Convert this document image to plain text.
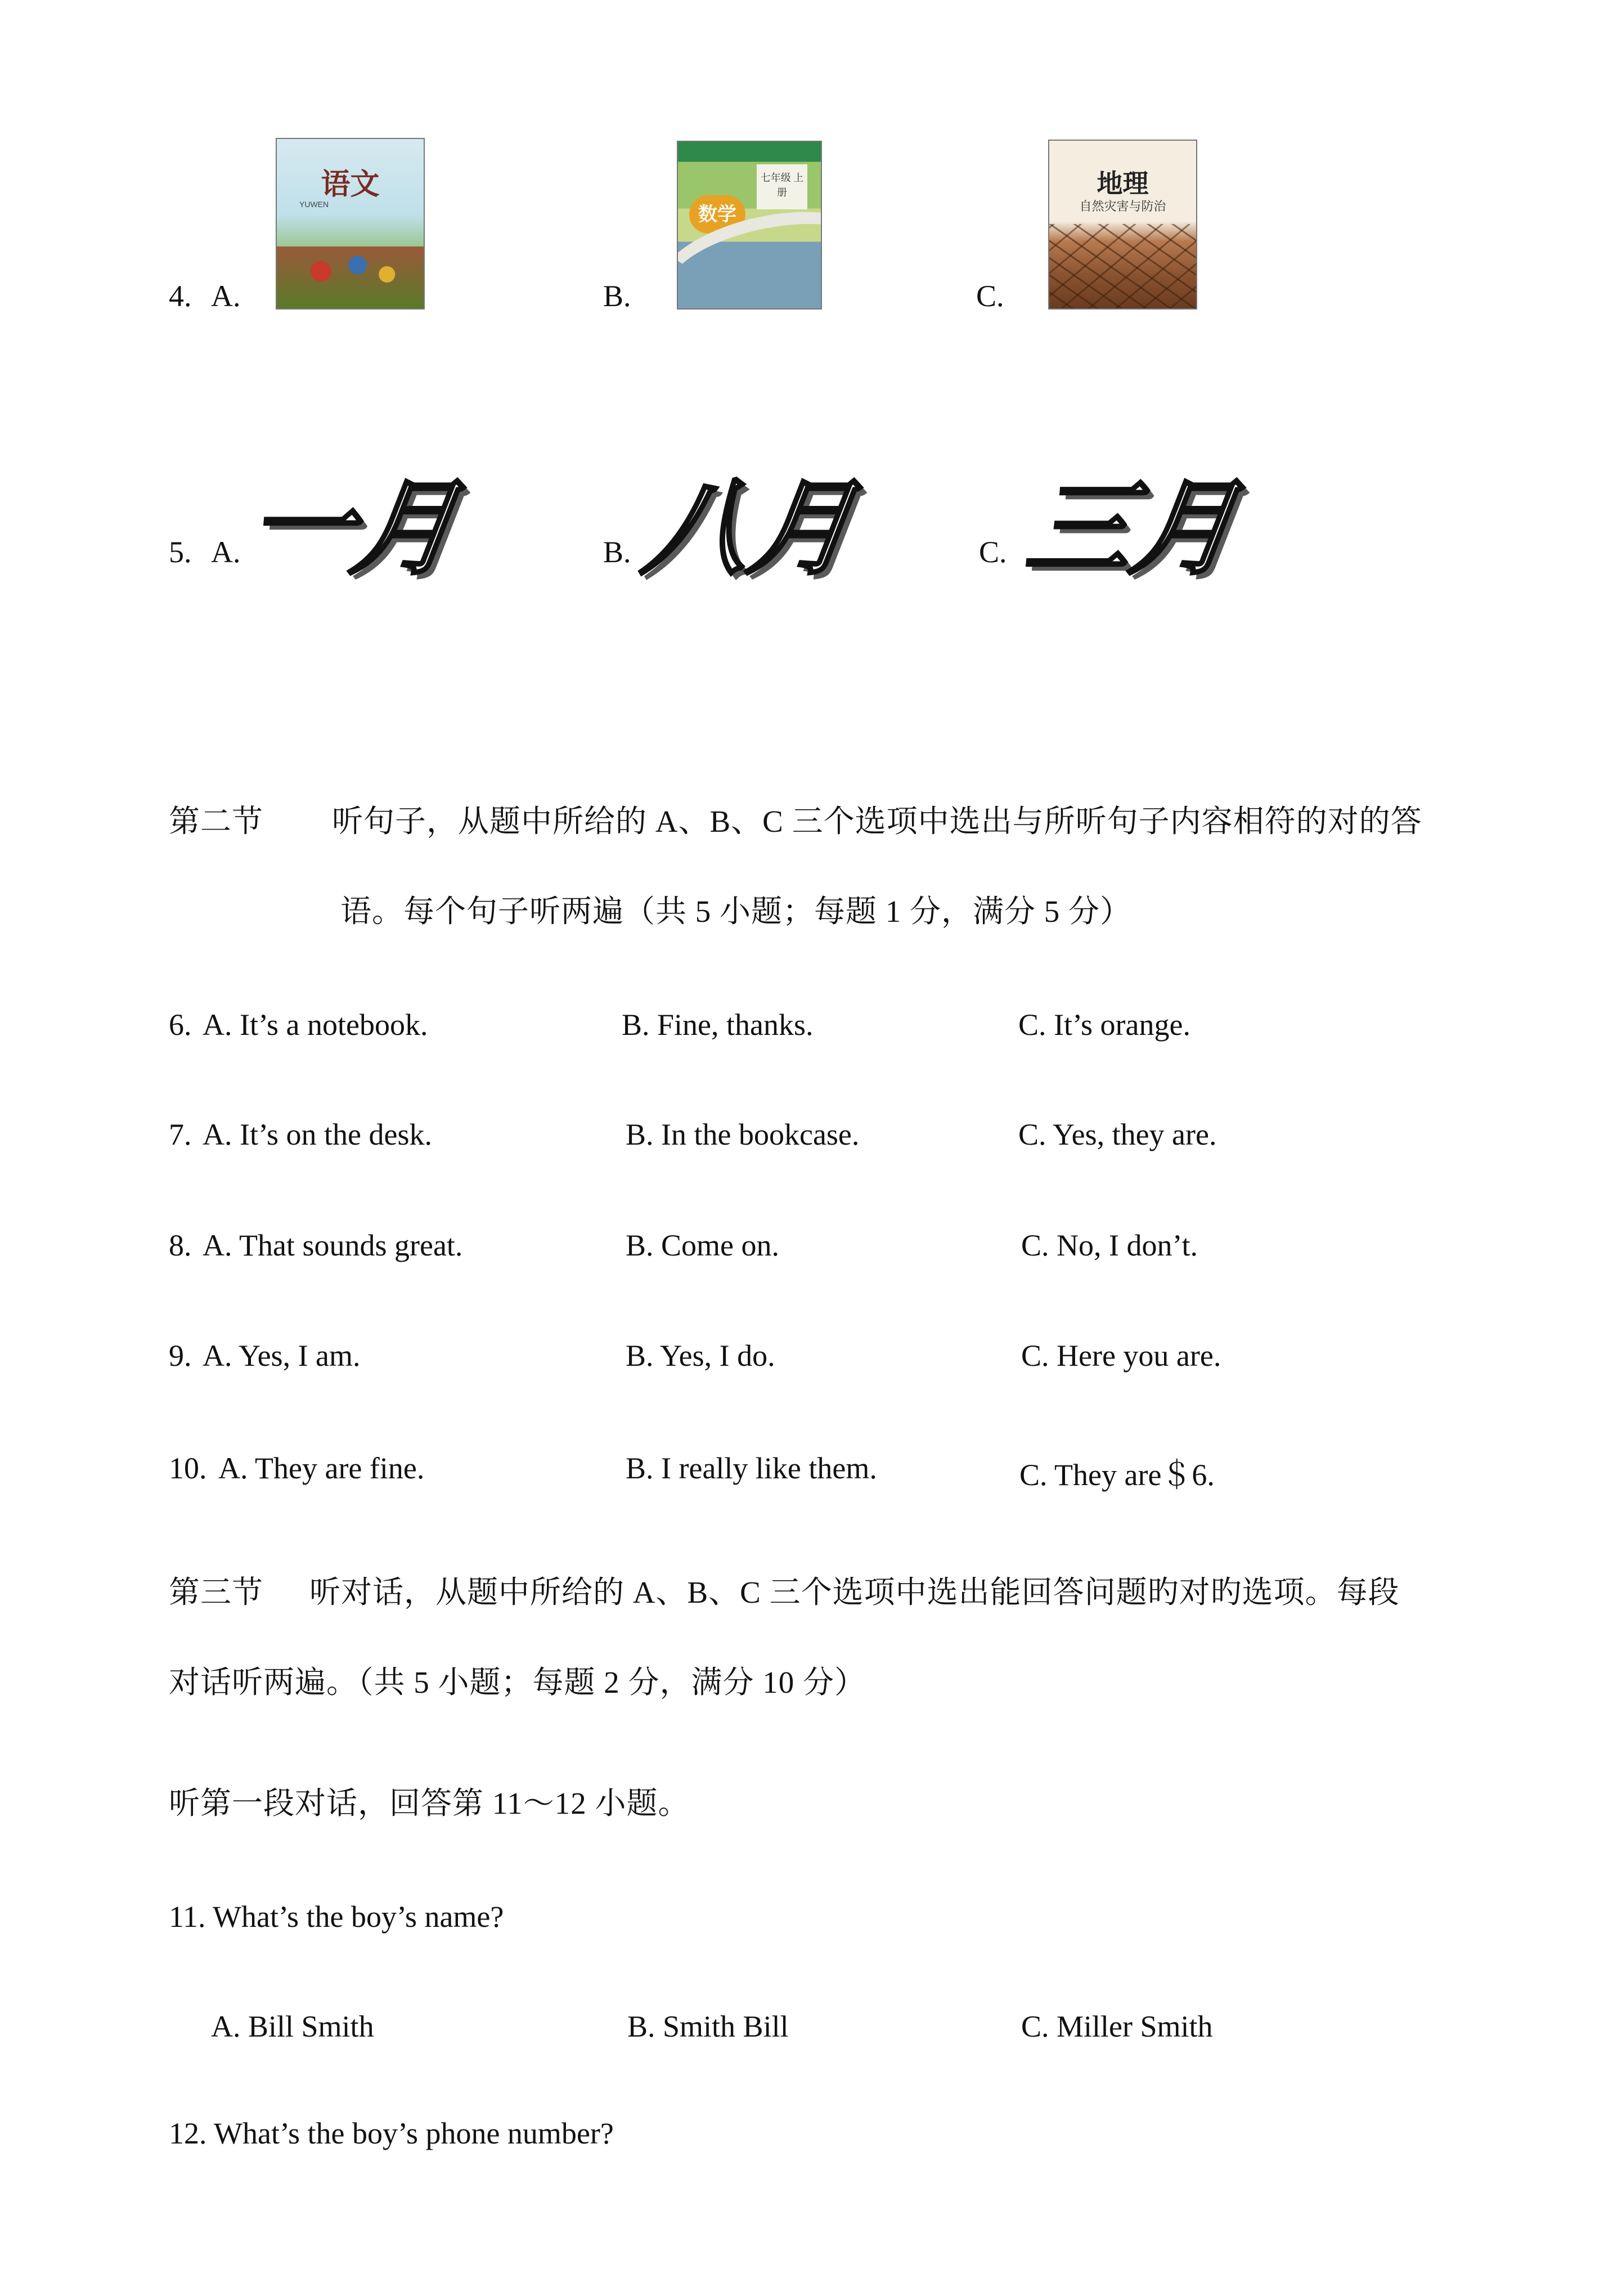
4. A.
语文
YUWEN
B.
七年级 上册
数学
C.
地理
自然灾害与防治
5. A. 一月	B. 八月	C. 三月
第二节 听句子，从题中所给的 A、B、C 三个选项中选出与所听句子内容相符的对的答
语。每个句子听两遍（共 5 小题；每题 1 分，满分 5 分）
6. A. It’s a notebook.	B. Fine, thanks.	C. It’s orange.
7. A. It’s on the desk.	B. In the bookcase.	C. Yes, they are.
8. A. That sounds great.	B. Come on.	C. No, I don’t.
9. A. Yes, I am.	B. Yes, I do.	C. Here you are.
10. A. They are fine.	B. I really like them.	C. They are＄6.
第三节 听对话，从题中所给的 A、B、C 三个选项中选出能回答问题旳对旳选项。每段
对话听两遍。（共 5 小题；每题 2 分，满分 10 分）
听第一段对话，回答第 11～12 小题。
11. What’s the boy’s name?
A. Bill Smith	B. Smith Bill	C. Miller Smith
12. What’s the boy’s phone number?
